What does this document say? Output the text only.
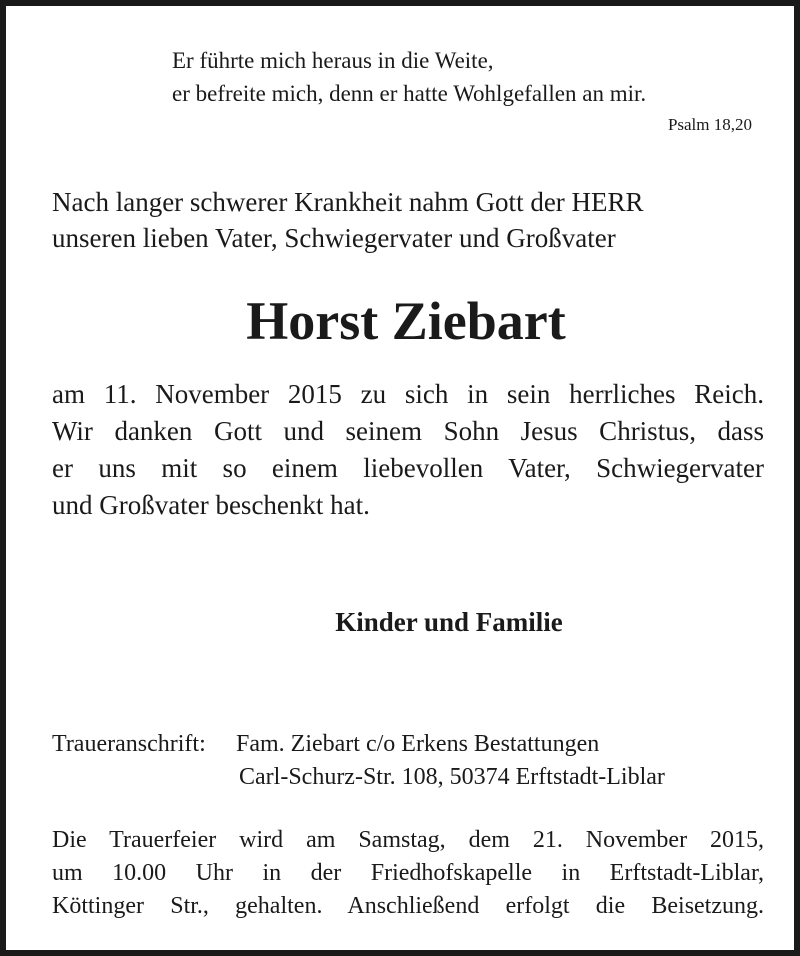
Er führte mich heraus in die Weite,
er befreite mich, denn er hatte Wohlgefallen an mir.
Psalm 18,20
Nach langer schwerer Krankheit nahm Gott der HERR
unseren lieben Vater, Schwiegervater und Großvater
Horst Ziebart
am 11. November 2015 zu sich in sein herrliches Reich.
Wir danken Gott und seinem Sohn Jesus Christus, dass
er uns mit so einem liebevollen Vater, Schwiegervater
und Großvater beschenkt hat.
Kinder und Familie
Traueranschrift: Fam. Ziebart c/o Erkens Bestattungen
Carl-Schurz-Str. 108, 50374 Erftstadt-Liblar
Die Trauerfeier wird am Samstag, dem 21. November 2015,
um 10.00 Uhr in der Friedhofskapelle in Erftstadt-Liblar,
Köttinger Str., gehalten. Anschließend erfolgt die Beisetzung.
